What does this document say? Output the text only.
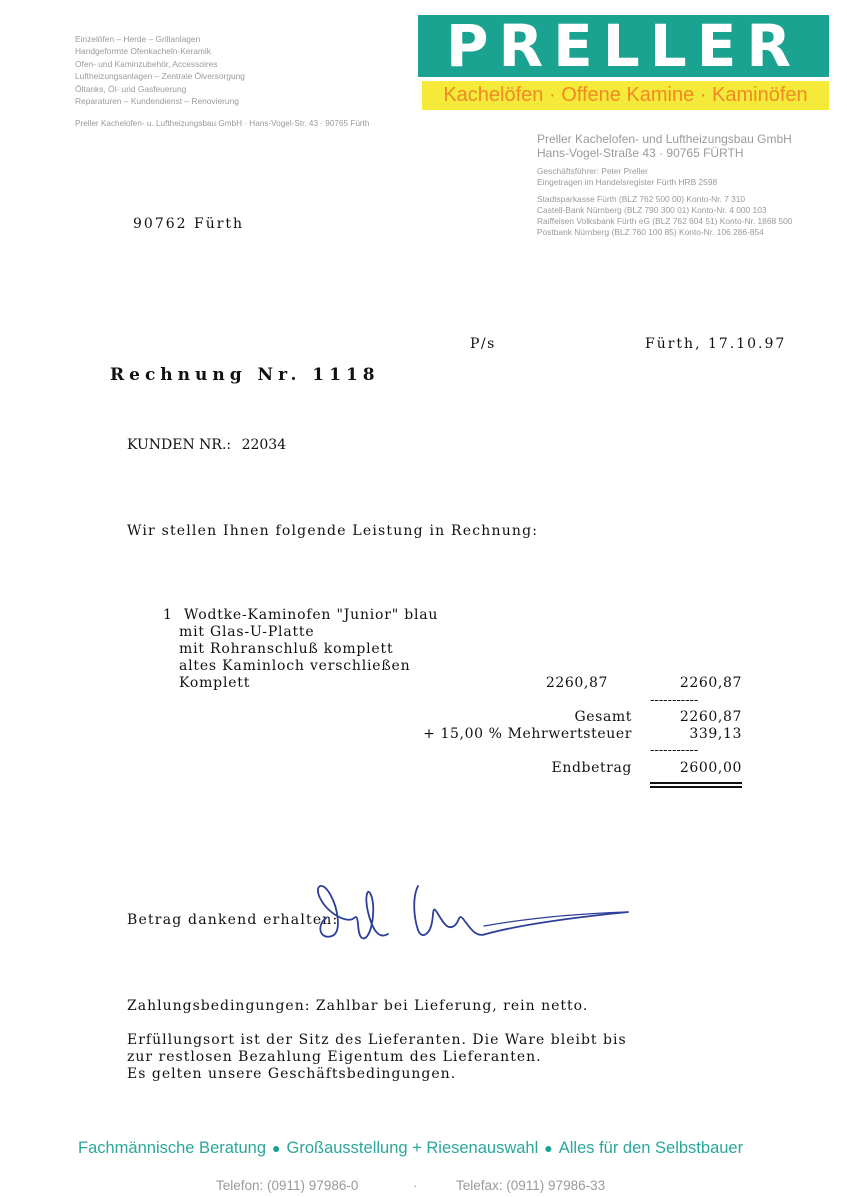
Einzelöfen – Herde – Grillanlagen
Handgeformte Ofenkacheln-Keramik
Ofen- und Kaminzubehör, Accessoires
Luftheizungsanlagen – Zentrale Ölversorgung
Öltanks, Öl- und Gasfeuerung
Reparaturen – Kundendienst – Renovierung
PRELLER
Kachelöfen · Offene Kamine · Kaminöfen
Preller Kachelofen- u. Luftheizungsbau GmbH · Hans-Vogel-Str. 43 · 90765 Fürth
Preller Kachelofen- und Luftheizungsbau GmbH
Hans-Vogel-Straße 43 · 90765 FÜRTH
Geschäftsführer: Peter Preller
Eingetragen im Handelsregister Fürth HRB 2598
Stadtsparkasse Fürth (BLZ 762 500 00) Konto-Nr. 7 310
Castell-Bank Nürnberg (BLZ 790 300 01) Konto-Nr. 4 000 103
Raiffeisen Volksbank Fürth eG (BLZ 762 604 51) Konto-Nr. 1868 500
Postbank Nürnberg (BLZ 760 100 85) Konto-Nr. 106 286-854
90762 Fürth
P/s	Fürth, 17.10.97
Rechnung Nr. 1118
KUNDEN NR.: 22034
Wir stellen Ihnen folgende Leistung in Rechnung:
1 Wodtke-Kaminofen "Junior" blau
mit Glas-U-Platte
mit Rohranschluß komplett
altes Kaminloch verschließen
Komplett	2260,87	2260,87
-----------
Gesamt	2260,87
+ 15,00 % Mehrwertsteuer	339,13
-----------
Endbetrag	2600,00
Betrag dankend erhalten:
Zahlungsbedingungen: Zahlbar bei Lieferung, rein netto.
Erfüllungsort ist der Sitz des Lieferanten. Die Ware bleibt bis
zur restlosen Bezahlung Eigentum des Lieferanten.
Es gelten unsere Geschäftsbedingungen.
Fachmännische Beratung ● Großausstellung + Riesenauswahl ● Alles für den Selbstbauer
Telefon: (0911) 97986-0	·	Telefax: (0911) 97986-33
